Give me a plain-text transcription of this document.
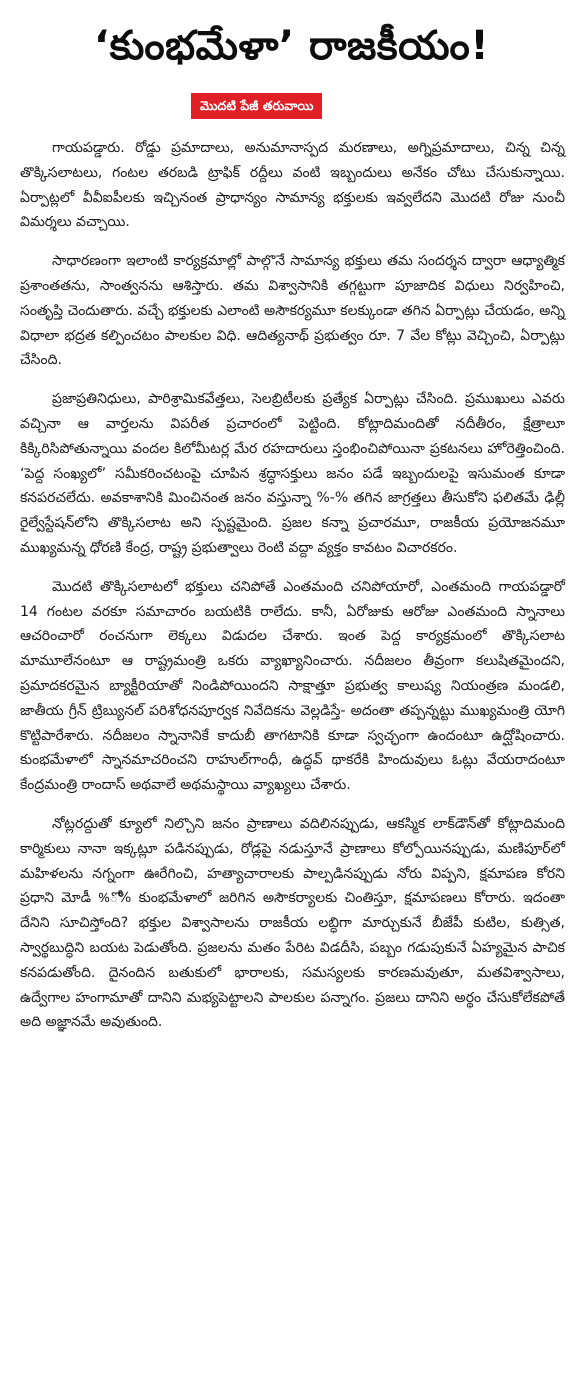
‘కుంభమేళా’ రాజకీయం!
మొదటి పేజీ తరువాయి

గాయపడ్డారు. రోడ్డు ప్రమాదాలు, అనుమానాస్పద మరణాలు, అగ్నిప్రమాదాలు, చిన్న చిన్న తొక్కిసలాటలు, గంటల తరబడి ట్రాఫిక్ రద్దీలు వంటి ఇబ్బందులు అనేకం చోటు చేసుకున్నాయి. ఏర్పాట్లలో వీవీఐపీలకు ఇచ్చినంత ప్రాధాన్యం సామాన్య భక్తులకు ఇవ్వలేదని మొదటి రోజు నుంచీ విమర్శలు వచ్చాయి.

సాధారణంగా ఇలాంటి కార్యక్రమాల్లో పాల్గొనే సామాన్య భక్తులు తమ సందర్శన ద్వారా ఆధ్యాత్మిక ప్రశాంతతను, సాంత్వనను ఆశిస్తారు. తమ విశ్వాసానికి తగ్గట్టుగా పూజాదిక విధులు నిర్వహించి, సంతృప్తి చెందుతారు. వచ్చే భక్తులకు ఎలాంటి అసౌకర్యమూ కలక్కుండా తగిన ఏర్పాట్లు చేయడం, అన్ని విధాలా భద్రత కల్పించటం పాలకుల విధి. ఆదిత్యనాథ్ ప్రభుత్వం రూ. 7 వేల కోట్లు వెచ్చించి, ఏర్పాట్లు చేసింది.

ప్రజాప్రతినిధులు, పారిశ్రామికవేత్తలు, సెలబ్రిటీలకు ప్రత్యేక ఏర్పాట్లు చేసింది. ప్రముఖులు ఎవరు వచ్చినా ఆ వార్తలను విపరీత ప్రచారంలో పెట్టింది. కోట్లాదిమందితో నదీతీరం, క్షేత్రాలూ కిక్కిరిసిపోతున్నాయి వందల కిలోమీటర్ల మేర రహదారులు స్తంభించిపోయినా ప్రకటనలు హోరెత్తించింది. ‘పెద్ద సంఖ్యలో’ సమీకరించటంపై చూపిన శ్రద్ధాసక్తులు జనం పడే ఇబ్బందులపై ఇసుమంత కూడా కనపరచలేదు. అవకాశానికి మించినంత జనం వస్తున్నా %-% తగిన జాగ్రత్తలు తీసుకోని ఫలితమే ఢిల్లీ రైల్వేస్టేషన్‌లోని తొక్కిసలాట అని స్పష్టమైంది. ప్రజల కన్నా ప్రచారమూ, రాజకీయ ప్రయోజనమూ ముఖ్యమన్న ధోరణి కేంద్ర, రాష్ట్ర ప్రభుత్వాలు రెంటి వద్దా వ్యక్తం కావటం విచారకరం.

మొదటి తొక్కిసలాటలో భక్తులు చనిపోతే ఎంతమంది చనిపోయారో, ఎంతమంది గాయపడ్డారో 14 గంటల వరకూ సమాచారం బయటికి రాలేదు. కానీ, ఏరోజుకు ఆరోజు ఎంతమంది స్నానాలు ఆచరించారో రంచనుగా లెక్కలు విడుదల చేశారు. ఇంత పెద్ద కార్యక్రమంలో తొక్కిసలాట మామూలేనంటూ ఆ రాష్ట్రమంత్రి ఒకరు వ్యాఖ్యానించారు. నదీజలం తీవ్రంగా కలుషితమైందని, ప్రమాదకరమైన బ్యాక్టీరియాతో నిండిపోయిందని సాక్షాత్తూ ప్రభుత్వ కాలుష్య నియంత్రణ మండలి, జాతీయ గ్రీన్ ట్రిబ్యునల్ పరిశోధనపూర్వక నివేదికను వెల్లడిస్తే- అదంతా తప్పన్నట్టు ముఖ్యమంత్రి యోగి కొట్టిపారేశారు. నదీజలం స్నానానికే కాదుబీ తాగటానికి కూడా స్వచ్ఛంగా ఉందంటూ ఉద్ఘోషించారు. కుంభమేళాలో స్నానమాచరించని రాహుల్‌గాంధీ, ఉద్ధవ్ థాకరేకి హిందువులు ఓట్లు వేయరాదంటూ కేంద్రమంత్రి రాందాస్ అథవాలే అథమస్థాయి వ్యాఖ్యలు చేశారు.

నోట్లరద్దుతో క్యూలో నిల్చొని జనం ప్రాణాలు వదిలినప్పుడు, ఆకస్మిక లాక్‌డౌన్‌తో కోట్లాదిమంది కార్మికులు నానా ఇక్కట్లూ పడినప్పుడు, రోడ్లపై నడుస్తూనే ప్రాణాలు కోల్పోయినప్పుడు, మణిపూర్‌లో మహిళలను నగ్నంగా ఊరేగించి, హత్యాచారాలకు పాల్పడినప్పుడు నోరు విప్పని, క్షమాపణ కోరని ప్రధాని మోడీ %ో% కుంభమేళాలో జరిగిన అసౌకర్యాలకు చింతిస్తూ, క్షమాపణలు కోరారు. ఇదంతా దేనిని సూచిస్తోంది? భక్తుల విశ్వాసాలను రాజకీయ లబ్ధిగా మార్చుకునే బీజేపీ కుటిల, కుత్సిత, స్వార్థబుద్ధిని బయట పెడుతోంది. ప్రజలను మతం పేరిట విడదీసి, పబ్బం గడుపుకునే ఏహ్యమైన పాచిక కనపడుతోంది. దైనందిన బతుకులో భారాలకు, సమస్యలకు కారణమవుతూ, మతవిశ్వాసాలు, ఉద్వేగాల హంగామాతో దానిని మభ్యపెట్టాలని పాలకుల పన్నాగం. ప్రజలు దానిని అర్థం చేసుకోలేకపోతే అది అజ్ఞానమే అవుతుంది.
